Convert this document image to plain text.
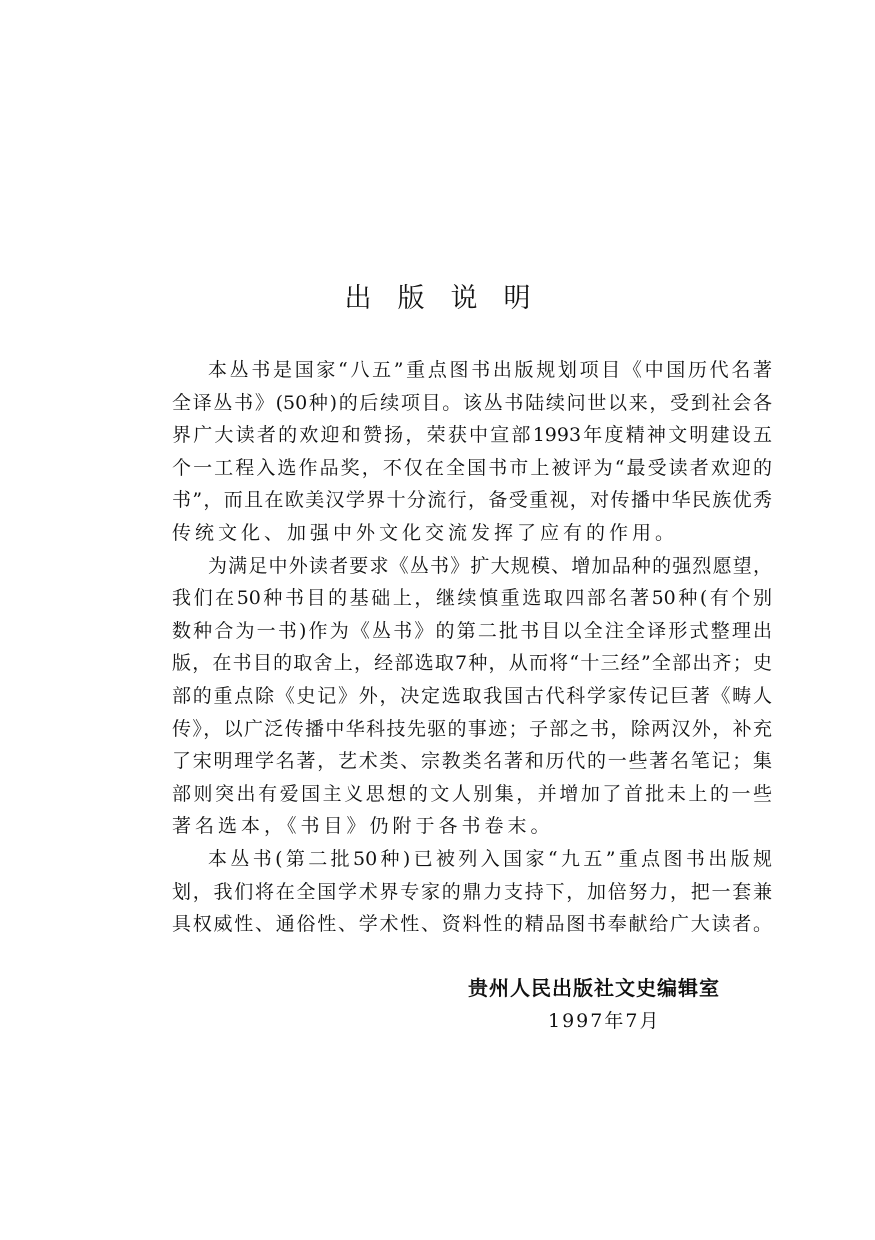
出版说明
本丛书是国家“八五”重点图书出版规划项目《中国历代名著
全译丛书》(50种)的后续项目。该丛书陆续问世以来，受到社会各
界广大读者的欢迎和赞扬，荣获中宣部1993年度精神文明建设五
个一工程入选作品奖，不仅在全国书市上被评为“最受读者欢迎的
书”，而且在欧美汉学界十分流行，备受重视，对传播中华民族优秀
传统文化、加强中外文化交流发挥了应有的作用。
为满足中外读者要求《丛书》扩大规模、增加品种的强烈愿望，
我们在50种书目的基础上，继续慎重选取四部名著50种(有个别
数种合为一书)作为《丛书》的第二批书目以全注全译形式整理出
版，在书目的取舍上，经部选取7种，从而将“十三经”全部出齐；史
部的重点除《史记》外，决定选取我国古代科学家传记巨著《畴人
传》，以广泛传播中华科技先驱的事迹；子部之书，除两汉外，补充
了宋明理学名著，艺术类、宗教类名著和历代的一些著名笔记；集
部则突出有爱国主义思想的文人别集，并增加了首批未上的一些
著名选本，《书目》仍附于各书卷末。
本丛书(第二批50种)已被列入国家“九五”重点图书出版规
划，我们将在全国学术界专家的鼎力支持下，加倍努力，把一套兼
具权威性、通俗性、学术性、资料性的精品图书奉献给广大读者。
贵州人民出版社文史编辑室
1997年7月
